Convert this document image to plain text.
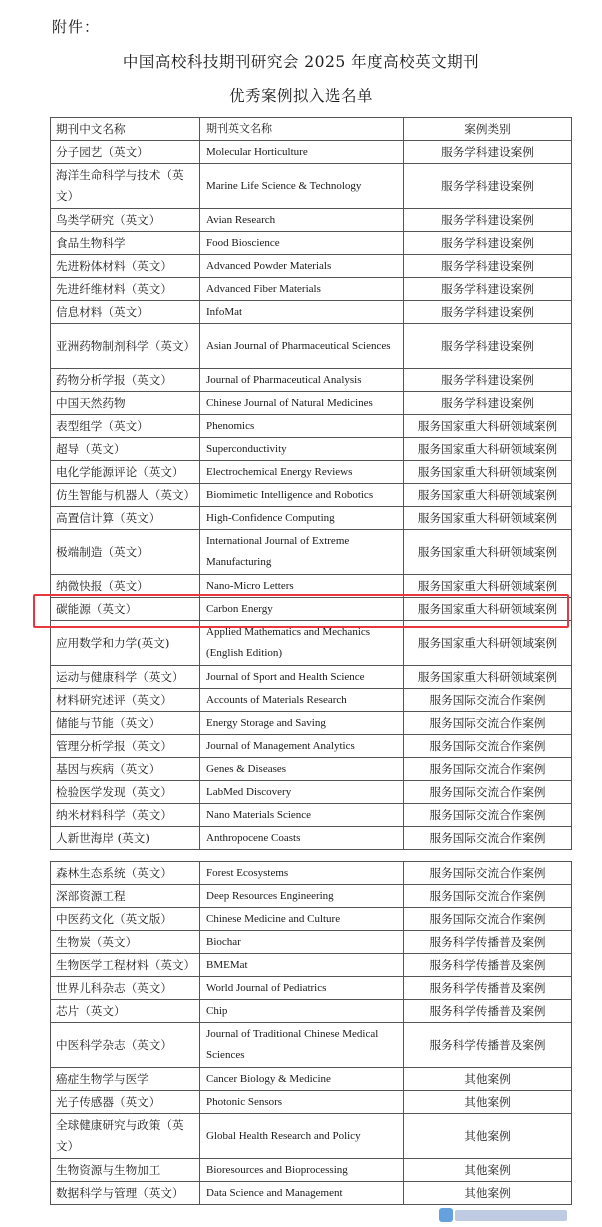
附件：
中国高校科技期刊研究会 2025 年度高校英文期刊
优秀案例拟入选名单
期刊中文名称	期刊英文名称	案例类别
分子园艺（英文）	Molecular Horticulture	服务学科建设案例
海洋生命科学与技术（英文）	Marine Life Science & Technology	服务学科建设案例
鸟类学研究（英文）	Avian Research	服务学科建设案例
食品生物科学	Food Bioscience	服务学科建设案例
先进粉体材料（英文）	Advanced Powder Materials	服务学科建设案例
先进纤维材料（英文）	Advanced Fiber Materials	服务学科建设案例
信息材料（英文）	InfoMat	服务学科建设案例
亚洲药物制剂科学（英文）	Asian Journal of Pharmaceutical Sciences	服务学科建设案例
药物分析学报（英文）	Journal of Pharmaceutical Analysis	服务学科建设案例
中国天然药物	Chinese Journal of Natural Medicines	服务学科建设案例
表型组学（英文）	Phenomics	服务国家重大科研领域案例
超导（英文）	Superconductivity	服务国家重大科研领域案例
电化学能源评论（英文）	Electrochemical Energy Reviews	服务国家重大科研领域案例
仿生智能与机器人（英文）	Biomimetic Intelligence and Robotics	服务国家重大科研领域案例
高置信计算（英文）	High-Confidence Computing	服务国家重大科研领域案例
极端制造（英文）	International Journal of Extreme Manufacturing	服务国家重大科研领域案例
纳微快报（英文）	Nano-Micro Letters	服务国家重大科研领域案例
碳能源（英文）	Carbon Energy	服务国家重大科研领域案例
应用数学和力学(英文)	Applied Mathematics and Mechanics (English Edition)	服务国家重大科研领域案例
运动与健康科学（英文）	Journal of Sport and Health Science	服务国家重大科研领域案例
材料研究述评（英文）	Accounts of Materials Research	服务国际交流合作案例
储能与节能（英文）	Energy Storage and Saving	服务国际交流合作案例
管理分析学报（英文）	Journal of Management Analytics	服务国际交流合作案例
基因与疾病（英文）	Genes & Diseases	服务国际交流合作案例
检验医学发现（英文）	LabMed Discovery	服务国际交流合作案例
纳米材料科学（英文）	Nano Materials Science	服务国际交流合作案例
人新世海岸 (英文)	Anthropocene Coasts	服务国际交流合作案例
森林生态系统（英文）	Forest Ecosystems	服务国际交流合作案例
深部资源工程	Deep Resources Engineering	服务国际交流合作案例
中医药文化（英文版）	Chinese Medicine and Culture	服务国际交流合作案例
生物炭（英文）	Biochar	服务科学传播普及案例
生物医学工程材料（英文）	BMEMat	服务科学传播普及案例
世界儿科杂志（英文）	World Journal of Pediatrics	服务科学传播普及案例
芯片（英文）	Chip	服务科学传播普及案例
中医科学杂志（英文）	Journal of Traditional Chinese Medical Sciences	服务科学传播普及案例
癌症生物学与医学	Cancer Biology & Medicine	其他案例
光子传感器（英文）	Photonic Sensors	其他案例
全球健康研究与政策（英文）	Global Health Research and Policy	其他案例
生物资源与生物加工	Bioresources and Bioprocessing	其他案例
数据科学与管理（英文）	Data Science and Management	其他案例
